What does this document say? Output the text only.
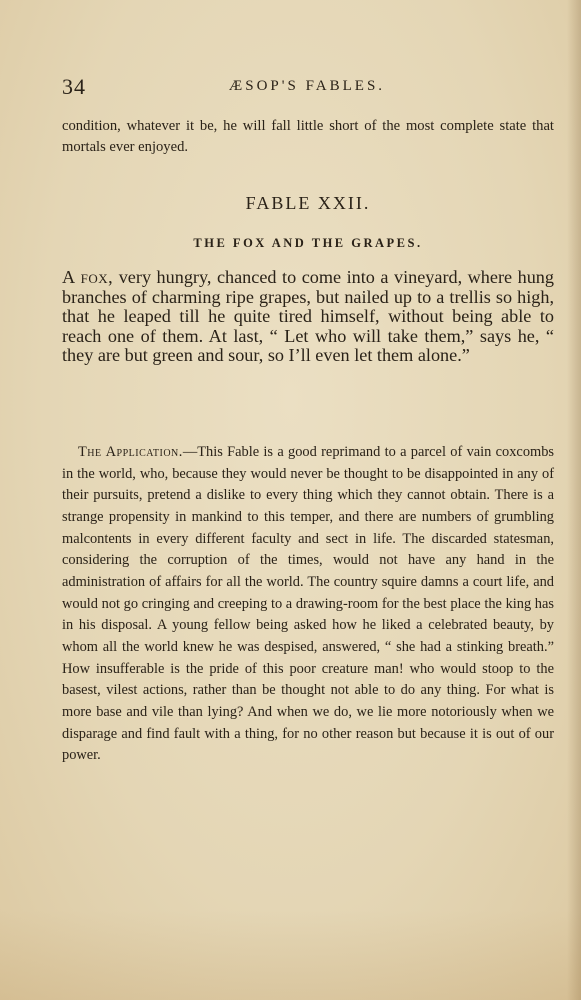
34	ÆSOP'S FABLES.

condition, whatever it be, he will fall little short of the most complete state that mortals ever enjoyed.

FABLE XXII.
THE FOX AND THE GRAPES.

A fox, very hungry, chanced to come into a vineyard, where hung branches of charming ripe grapes, but nailed up to a trellis so high, that he leaped till he quite tired himself, without being able to reach one of them. At last, “ Let who will take them,” says he, “ they are but green and sour, so I’ll even let them alone.”

The Application.—This Fable is a good reprimand to a parcel of vain coxcombs in the world, who, because they would never be thought to be disappointed in any of their pursuits, pretend a dislike to every thing which they cannot obtain. There is a strange propensity in mankind to this temper, and there are numbers of grumbling malcontents in every different faculty and sect in life. The discarded statesman, considering the corruption of the times, would not have any hand in the administration of affairs for all the world. The country squire damns a court life, and would not go cringing and creeping to a drawing-room for the best place the king has in his disposal. A young fellow being asked how he liked a celebrated beauty, by whom all the world knew he was despised, answered, “ she had a stinking breath.” How insufferable is the pride of this poor creature man! who would stoop to the basest, vilest actions, rather than be thought not able to do any thing. For what is more base and vile than lying? And when we do, we lie more notoriously when we disparage and find fault with a thing, for no other reason but because it is out of our power.
